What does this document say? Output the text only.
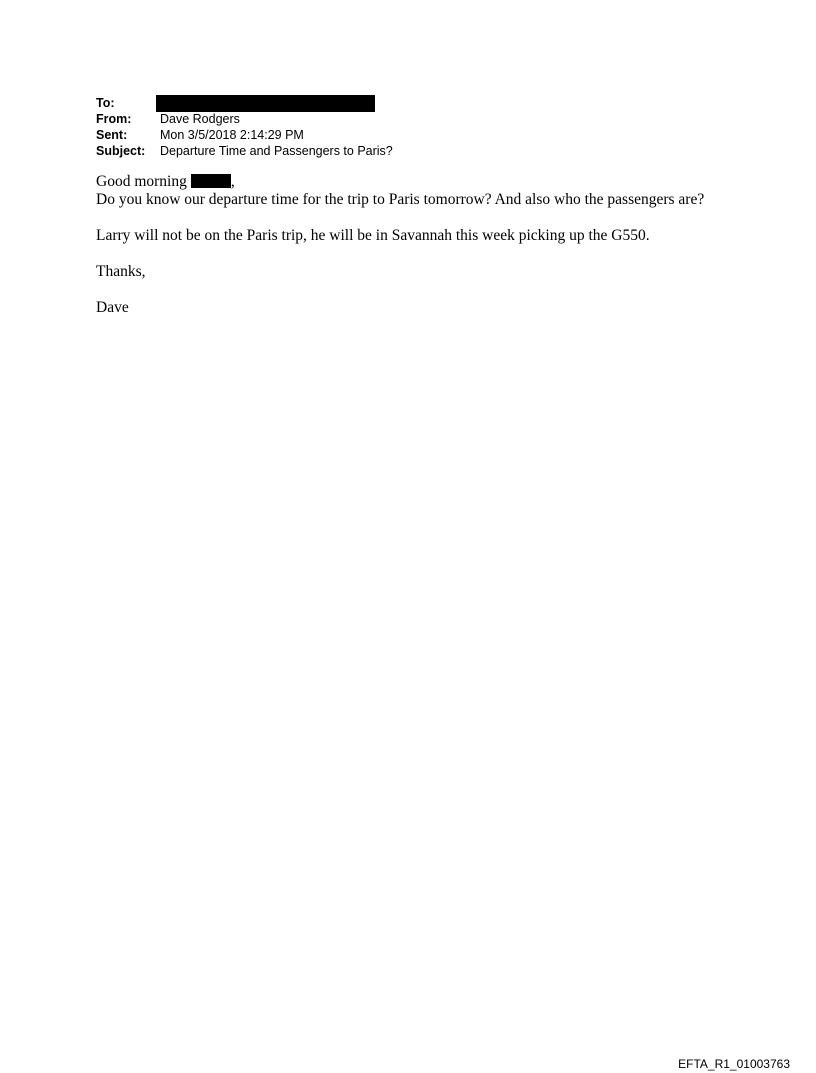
To:
From:	Dave Rodgers
Sent:	Mon 3/5/2018 2:14:29 PM
Subject:	Departure Time and Passengers to Paris?

Good morning	,

Do you know our departure time for the trip to Paris tomorrow? And also who the passengers are?

Larry will not be on the Paris trip, he will be in Savannah this week picking up the G550.

Thanks,

Dave

EFTA_R1_01003763
